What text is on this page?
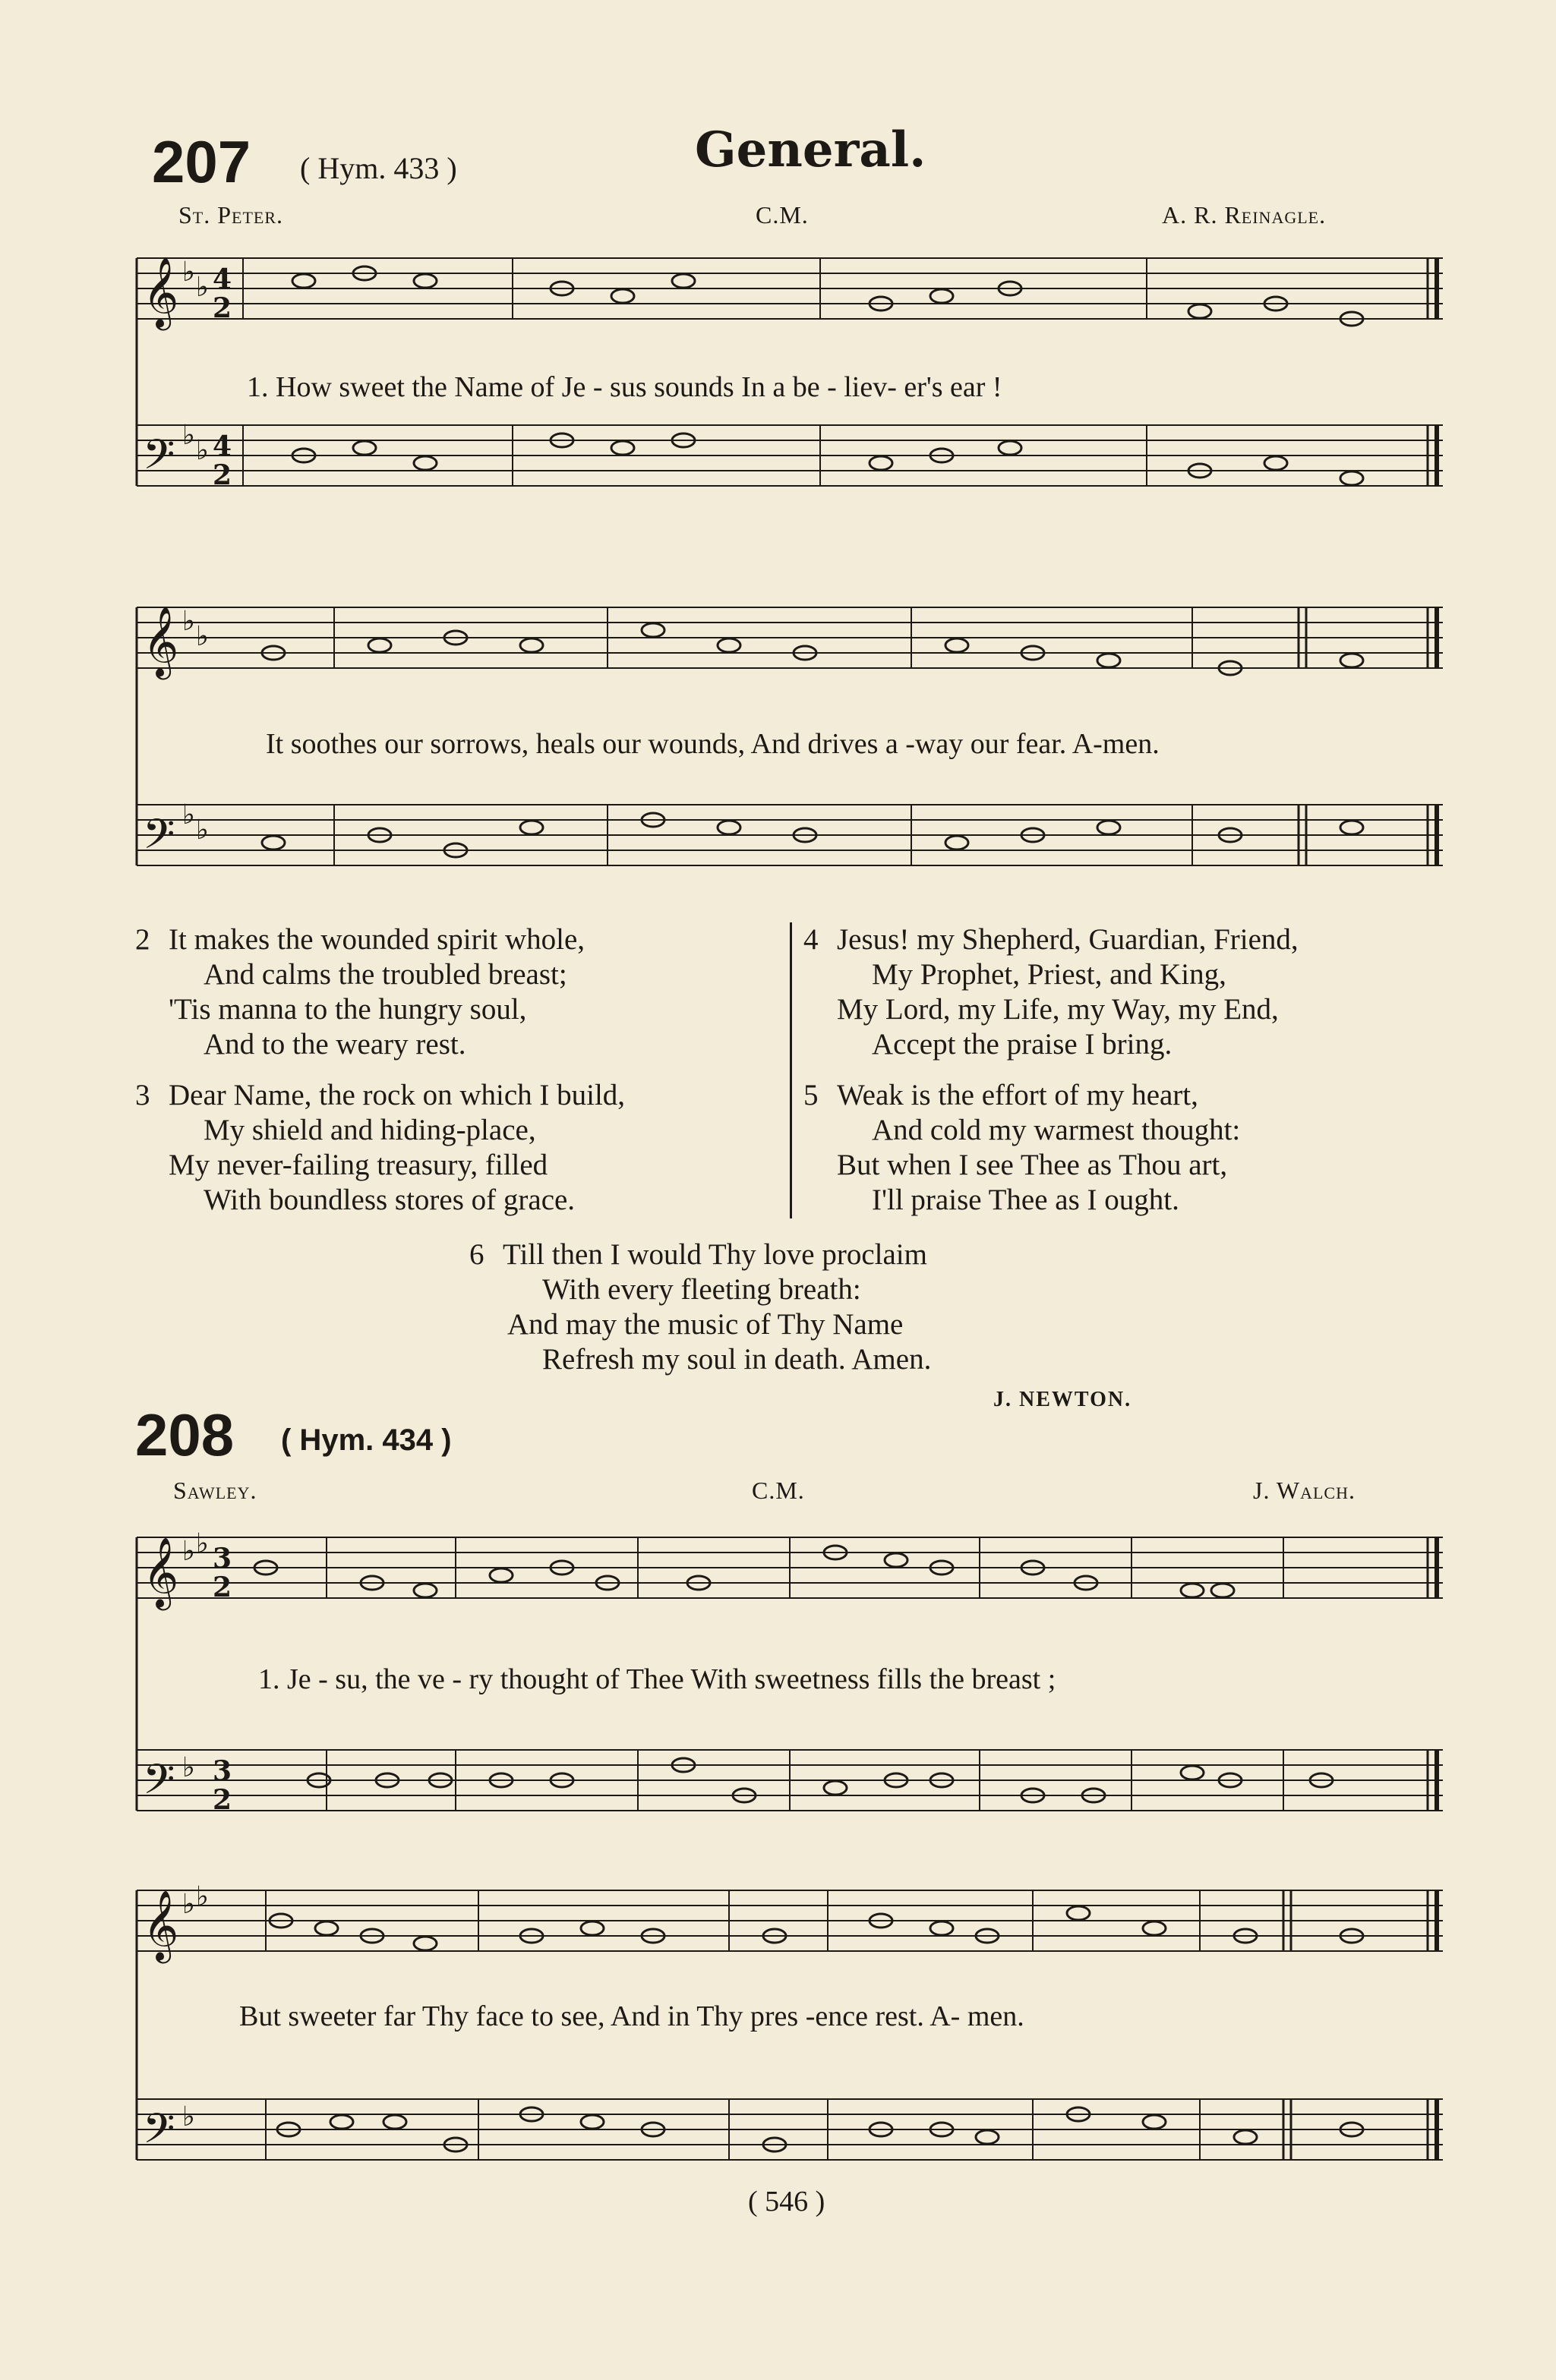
207 ( Hym. 433 )	General.
St. Peter.	C.M.	A. R. Reinagle.
𝄞
𝄢
♭ ♭
♭ ♭
4
2
4
2
1. How sweet the Name of Je - sus sounds In a be - liev- er's ear !
𝄞
𝄢
♭ ♭
♭ ♭
It soothes our sorrows, heals our wounds, And drives a -way our fear. A-men.
2 It makes the wounded spirit whole,
And calms the troubled breast;
'Tis manna to the hungry soul,
And to the weary rest.
3 Dear Name, the rock on which I build,
My shield and hiding-place,
My never-failing treasury, filled
With boundless stores of grace.
4 Jesus! my Shepherd, Guardian, Friend,
My Prophet, Priest, and King,
My Lord, my Life, my Way, my End,
Accept the praise I bring.
5 Weak is the effort of my heart,
And cold my warmest thought:
But when I see Thee as Thou art,
I'll praise Thee as I ought.
6 Till then I would Thy love proclaim
With every fleeting breath:
And may the music of Thy Name
Refresh my soul in death. Amen.
J. NEWTON.
208 ( Hym. 434 )
Sawley.	C.M.	J. Walch.
𝄞
𝄢
♭ ♭
♭
3
2
3
2
1. Je - su, the ve - ry thought of Thee With sweetness fills the breast ;
𝄞
𝄢
♭ ♭
♭
But sweeter far Thy face to see, And in Thy pres -ence rest. A- men.
( 546 )
